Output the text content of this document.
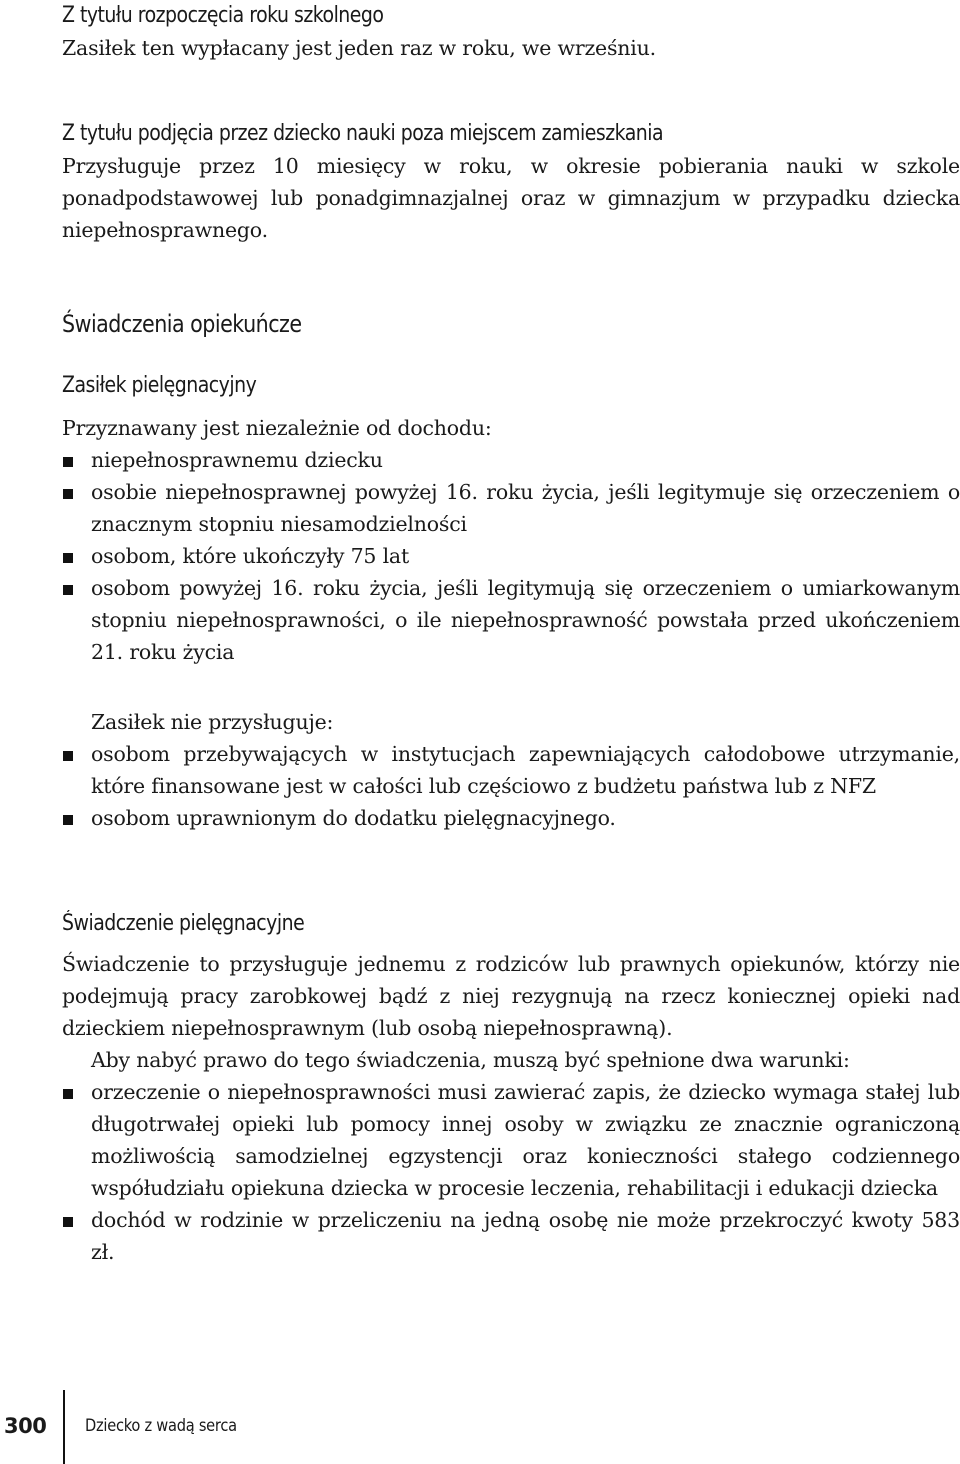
Z tytułu rozpoczęcia roku szkolnego

Zasiłek ten wypłacany jest jeden raz w roku, we wrześniu.

Z tytułu podjęcia przez dziecko nauki poza miejscem zamieszkania

Przysługuje przez 10 miesięcy w roku, w okresie pobierania nauki w szkole ponadpodstawowej lub ponadgimnazjalnej oraz w gimnazjum w przypadku dziecka niepełnosprawnego.

Świadczenia opiekuńcze
Zasiłek pielęgnacyjny

Przyznawany jest niezależnie od dochodu:

niepełnosprawnemu dziecku
osobie niepełnosprawnej powyżej 16. roku życia, jeśli legitymuje się orzeczeniem o znacznym stopniu niesamodzielności
osobom, które ukończyły 75 lat
osobom powyżej 16. roku życia, jeśli legitymują się orzeczeniem o umiarkowanym stopniu niepełnosprawności, o ile niepełnosprawność powstała przed ukończeniem 21. roku życia

Zasiłek nie przysługuje:

osobom przebywających w instytucjach zapewniających całodobowe utrzymanie, które finansowane jest w całości lub częściowo z budżetu państwa lub z NFZ
osobom uprawnionym do dodatku pielęgnacyjnego.
Świadczenie pielęgnacyjne

Świadczenie to przysługuje jednemu z rodziców lub prawnych opiekunów, którzy nie podejmują pracy zarobkowej bądź z niej rezygnują na rzecz koniecznej opieki nad dzieckiem niepełnosprawnym (lub osobą niepełnosprawną).

Aby nabyć prawo do tego świadczenia, muszą być spełnione dwa warunki:

orzeczenie o niepełnosprawności musi zawierać zapis, że dziecko wymaga stałej lub długotrwałej opieki lub pomocy innej osoby w związku ze znacznie ograniczoną możliwością samodzielnej egzystencji oraz konieczności stałego codziennego współudziału opiekuna dziecka w procesie leczenia, rehabilitacji i edukacji dziecka
dochód w rodzinie w przeliczeniu na jedną osobę nie może przekroczyć kwoty 583 zł.
300 Dziecko z wadą serca
